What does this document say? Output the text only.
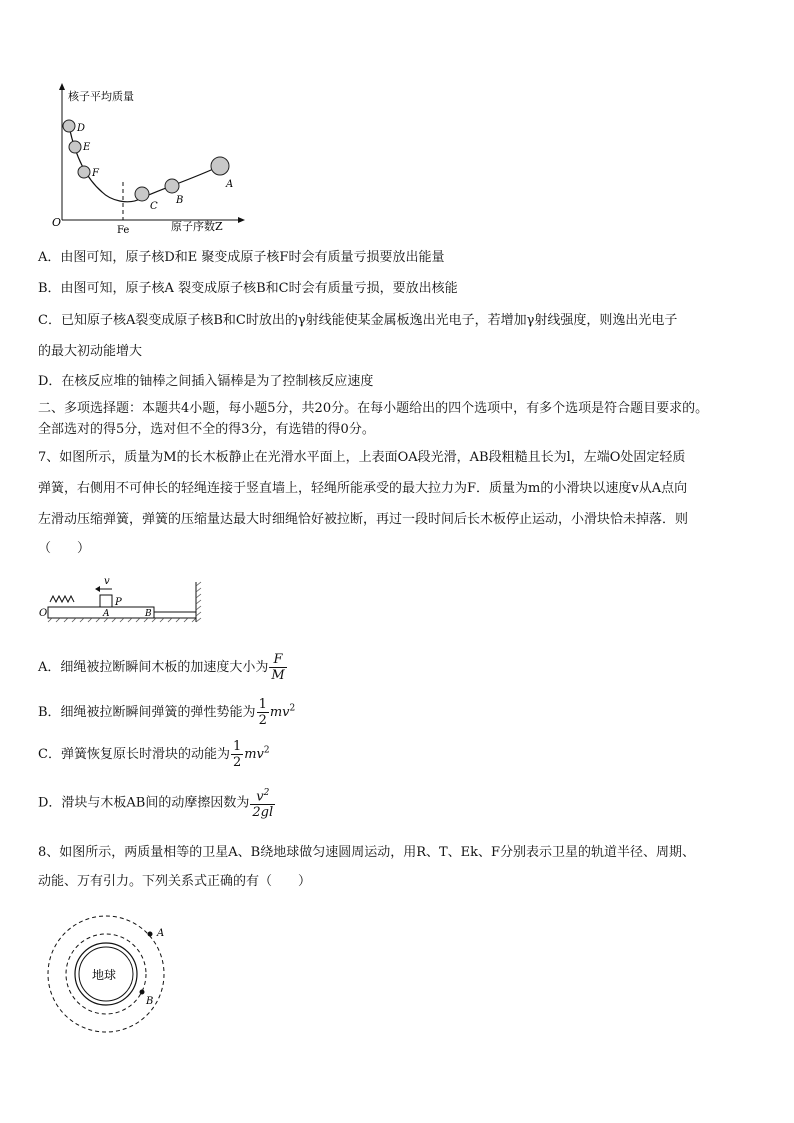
核子平均质量
O	原子序数Z
Fe
D
E
F
C
B
A
A．由图可知，原子核D和E 聚变成原子核F时会有质量亏损要放出能量
B．由图可知，原子核A 裂变成原子核B和C时会有质量亏损，要放出核能
C．已知原子核A裂变成原子核B和C时放出的γ射线能使某金属板逸出光电子，若增加γ射线强度，则逸出光电子
的最大初动能增大
D．在核反应堆的铀棒之间插入镉棒是为了控制核反应速度
二、多项选择题：本题共4小题，每小题5分，共20分。在每小题给出的四个选项中，有多个选项是符合题目要求的。
全部选对的得5分，选对但不全的得3分，有选错的得0分。
7、如图所示，质量为M的长木板静止在光滑水平面上，上表面OA段光滑，AB段粗糙且长为l，左端O处固定轻质
弹簧，右侧用不可伸长的轻绳连接于竖直墙上，轻绳所能承受的最大拉力为F．质量为m的小滑块以速度v从A点向
左滑动压缩弹簧，弹簧的压缩量达最大时细绳恰好被拉断，再过一段时间后长木板停止运动，小滑块恰未掉落．则
（　　）
O
P
v
A	B
A．细绳被拉断瞬间木板的加速度大小为 $\frac{F}{M}$
B．细绳被拉断瞬间弹簧的弹性势能为 $\frac{1}{2} mv^2$
C．弹簧恢复原长时滑块的动能为 $\frac{1}{2} mv^2$
D．滑块与木板AB间的动摩擦因数为 $\frac{v^2}{2gl}$
8、如图所示，两质量相等的卫星A、B绕地球做匀速圆周运动，用R、T、Ek、F分别表示卫星的轨道半径、周期、
动能、万有引力。下列关系式正确的有（　　）
地球
A
B
